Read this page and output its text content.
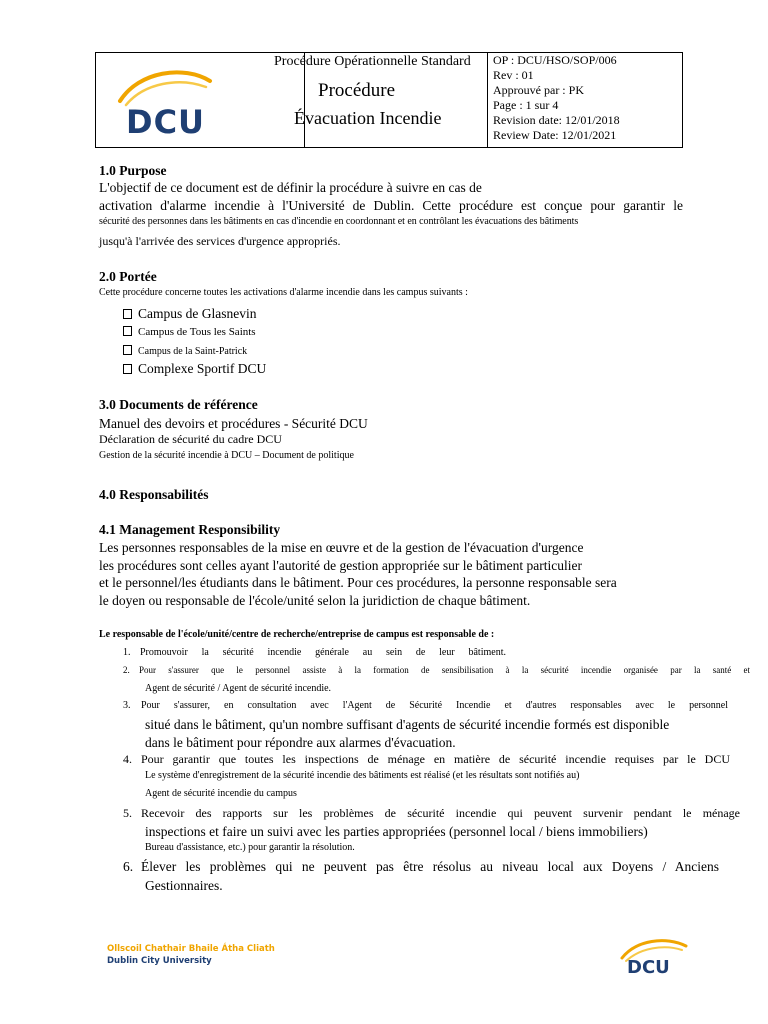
DCU
Procédure Opérationnelle Standard
Procédure
Évacuation Incendie
OP : DCU/HSO/SOP/006
Rev : 01
Approuvé par : PK
Page : 1 sur 4
Revision date: 12/01/2018
Review Date: 12/01/2021
1.0 Purpose
L'objectif de ce document est de définir la procédure à suivre en cas de
activation d'alarme incendie à l'Université de Dublin. Cette procédure est conçue pour garantir le
sécurité des personnes dans les bâtiments en cas d'incendie en coordonnant et en contrôlant les évacuations des bâtiments
jusqu'à l'arrivée des services d'urgence appropriés.
2.0 Portée
Cette procédure concerne toutes les activations d'alarme incendie dans les campus suivants :
Campus de Glasnevin
Campus de Tous les Saints
Campus de la Saint-Patrick
Complexe Sportif DCU
3.0 Documents de référence
Manuel des devoirs et procédures - Sécurité DCU
Déclaration de sécurité du cadre DCU
Gestion de la sécurité incendie à DCU – Document de politique
4.0 Responsabilités
4.1 Management Responsibility
Les personnes responsables de la mise en œuvre et de la gestion de l'évacuation d'urgence
les procédures sont celles ayant l'autorité de gestion appropriée sur le bâtiment particulier
et le personnel/les étudiants dans le bâtiment. Pour ces procédures, la personne responsable sera
le doyen ou responsable de l'école/unité selon la juridiction de chaque bâtiment.
Le responsable de l'école/unité/centre de recherche/entreprise de campus est responsable de :
1. Promouvoir la sécurité incendie générale au sein de leur bâtiment.
2. Pour s'assurer que le personnel assiste à la formation de sensibilisation à la sécurité incendie organisée par la santé et
Agent de sécurité / Agent de sécurité incendie.
3. Pour s'assurer, en consultation avec l'Agent de Sécurité Incendie et d'autres responsables avec le personnel
situé dans le bâtiment, qu'un nombre suffisant d'agents de sécurité incendie formés est disponible
dans le bâtiment pour répondre aux alarmes d'évacuation.
4. Pour garantir que toutes les inspections de ménage en matière de sécurité incendie requises par le DCU
Le système d'enregistrement de la sécurité incendie des bâtiments est réalisé (et les résultats sont notifiés au)
Agent de sécurité incendie du campus
5. Recevoir des rapports sur les problèmes de sécurité incendie qui peuvent survenir pendant le ménage
inspections et faire un suivi avec les parties appropriées (personnel local / biens immobiliers)
Bureau d'assistance, etc.) pour garantir la résolution.
6. Élever les problèmes qui ne peuvent pas être résolus au niveau local aux Doyens / Anciens
Gestionnaires.
Ollscoil Chathair Bhaile Átha Cliath
Dublin City University	DCU
